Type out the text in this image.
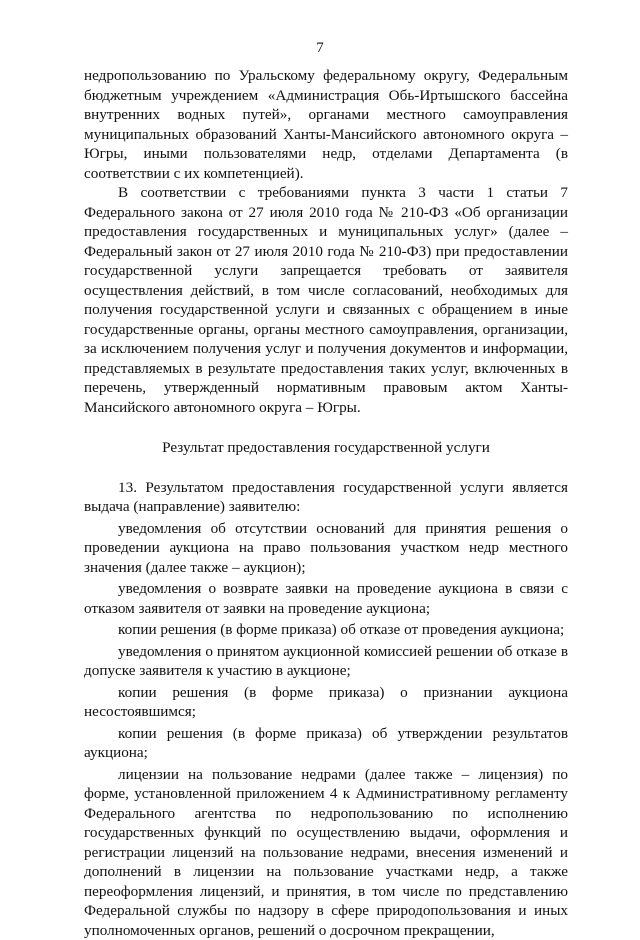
7

недропользованию по Уральскому федеральному округу, Федеральным бюджетным учреждением «Администрация Обь-Иртышского бассейна внутренних водных путей», органами местного самоуправления муниципальных образований Ханты-Мансийского автономного округа – Югры, иными пользователями недр, отделами Департамента (в соответствии с их компетенцией).

В соответствии с требованиями пункта 3 части 1 статьи 7 Федерального закона от 27 июля 2010 года № 210-ФЗ «Об организации предоставления государственных и муниципальных услуг» (далее – Федеральный закон от 27 июля 2010 года № 210-ФЗ) при предоставлении государственной услуги запрещается требовать от заявителя осуществления действий, в том числе согласований, необходимых для получения государственной услуги и связанных с обращением в иные государственные органы, органы местного самоуправления, организации, за исключением получения услуг и получения документов и информации, представляемых в результате предоставления таких услуг, включенных в перечень, утвержденный нормативным правовым актом Ханты-Мансийского автономного округа – Югры.

Результат предоставления государственной услуги

13. Результатом предоставления государственной услуги является выдача (направление) заявителю:

уведомления об отсутствии оснований для принятия решения о проведении аукциона на право пользования участком недр местного значения (далее также – аукцион);

уведомления о возврате заявки на проведение аукциона в связи с отказом заявителя от заявки на проведение аукциона;

копии решения (в форме приказа) об отказе от проведения аукциона;

уведомления о принятом аукционной комиссией решении об отказе в допуске заявителя к участию в аукционе;

копии решения (в форме приказа) о признании аукциона несостоявшимся;

копии решения (в форме приказа) об утверждении результатов аукциона;

лицензии на пользование недрами (далее также – лицензия) по форме, установленной приложением 4 к Административному регламенту Федерального агентства по недропользованию по исполнению государственных функций по осуществлению выдачи, оформления и регистрации лицензий на пользование недрами, внесения изменений и дополнений в лицензии на пользование участками недр, а также переоформления лицензий, и принятия, в том числе по представлению Федеральной службы по надзору в сфере природопользования и иных уполномоченных органов, решений о досрочном прекращении,
